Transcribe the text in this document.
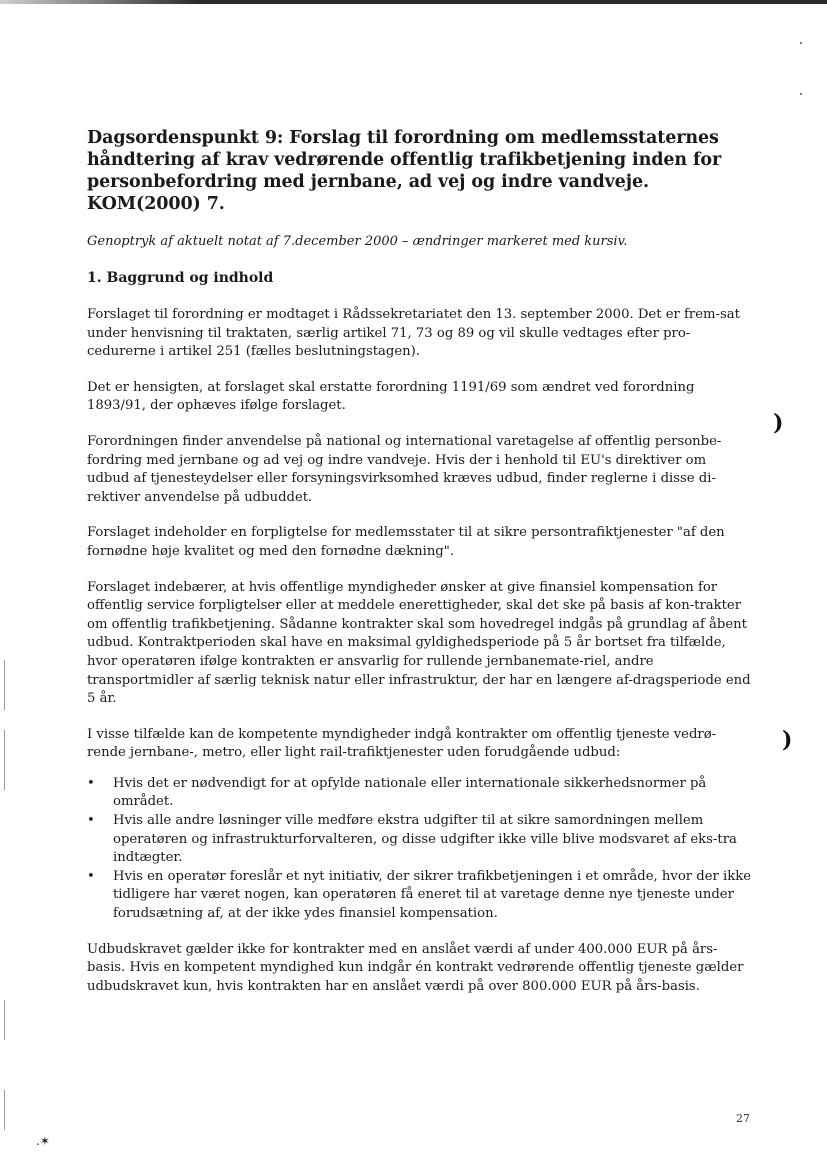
)
)
Dagsordenspunkt 9: Forslag til forordning om medlemsstaternes håndtering af krav vedrørende offentlig trafikbetjening inden for personbefordring med jernbane, ad vej og indre vandveje. KOM(2000) 7.

Genoptryk af aktuelt notat af 7.december 2000 – ændringer markeret med kursiv.

1. Baggrund og indhold

Forslaget til forordning er modtaget i Rådssekretariatet den 13. september 2000. Det er frem-sat under henvisning til traktaten, særlig artikel 71, 73 og 89 og vil skulle vedtages efter pro-cedurerne i artikel 251 (fælles beslutningstagen).

Det er hensigten, at forslaget skal erstatte forordning 1191/69 som ændret ved forordning 1893/91, der ophæves ifølge forslaget.

Forordningen finder anvendelse på national og international varetagelse af offentlig personbe-fordring med jernbane og ad vej og indre vandveje. Hvis der i henhold til EU's direktiver om udbud af tjenesteydelser eller forsyningsvirksomhed kræves udbud, finder reglerne i disse di-rektiver anvendelse på udbuddet.

Forslaget indeholder en forpligtelse for medlemsstater til at sikre persontrafiktjenester "af den fornødne høje kvalitet og med den fornødne dækning".

Forslaget indebærer, at hvis offentlige myndigheder ønsker at give finansiel kompensation for offentlig service forpligtelser eller at meddele enerettigheder, skal det ske på basis af kon-trakter om offentlig trafikbetjening. Sådanne kontrakter skal som hovedregel indgås på grundlag af åbent udbud. Kontraktperioden skal have en maksimal gyldighedsperiode på 5 år bortset fra tilfælde, hvor operatøren ifølge kontrakten er ansvarlig for rullende jernbanemate-riel, andre transportmidler af særlig teknisk natur eller infrastruktur, der har en længere af-dragsperiode end 5 år.

I visse tilfælde kan de kompetente myndigheder indgå kontrakter om offentlig tjeneste vedrø-rende jernbane-, metro, eller light rail-trafiktjenester uden forudgående udbud:

• Hvis det er nødvendigt for at opfylde nationale eller internationale sikkerhedsnormer på området.
• Hvis alle andre løsninger ville medføre ekstra udgifter til at sikre samordningen mellem operatøren og infrastrukturforvalteren, og disse udgifter ikke ville blive modsvaret af eks-tra indtægter.
• Hvis en operatør foreslår et nyt initiativ, der sikrer trafikbetjeningen i et område, hvor der ikke tidligere har været nogen, kan operatøren få eneret til at varetage denne nye tjeneste under forudsætning af, at der ikke ydes finansiel kompensation.

Udbudskravet gælder ikke for kontrakter med en anslået værdi af under 400.000 EUR på års-basis. Hvis en kompetent myndighed kun indgår én kontrakt vedrørende offentlig tjeneste gælder udbudskravet kun, hvis kontrakten har en anslået værdi på over 800.000 EUR på års-basis.

27
.✶
